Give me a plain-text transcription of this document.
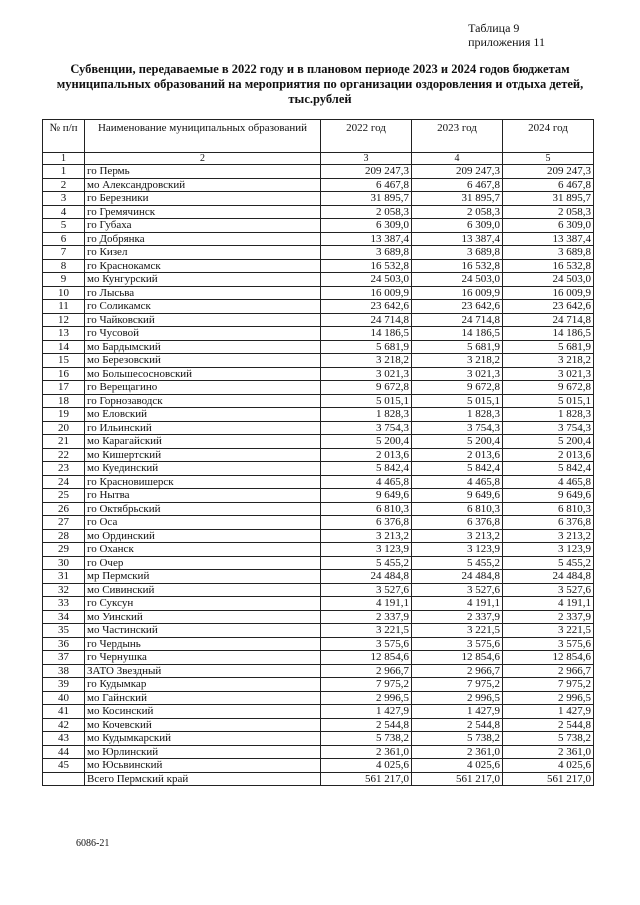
Таблица 9
приложения 11
Субвенции, передаваемые в 2022 году и в плановом периоде 2023 и 2024 годов бюджетам
муниципальных образований на мероприятия по организации оздоровления и отдыха детей,
тыс.рублей
№ п/п	Наименование муниципальных образований	2022 год	2023 год	2024 год
1	2	3	4	5
1	го Пермь	209 247,3	209 247,3	209 247,3
2	мо Александровский	6 467,8	6 467,8	6 467,8
3	го Березники	31 895,7	31 895,7	31 895,7
4	го Гремячинск	2 058,3	2 058,3	2 058,3
5	го Губаха	6 309,0	6 309,0	6 309,0
6	го Добрянка	13 387,4	13 387,4	13 387,4
7	го Кизел	3 689,8	3 689,8	3 689,8
8	го Краснокамск	16 532,8	16 532,8	16 532,8
9	мо Кунгурский	24 503,0	24 503,0	24 503,0
10	го Лысьва	16 009,9	16 009,9	16 009,9
11	го Соликамск	23 642,6	23 642,6	23 642,6
12	го Чайковский	24 714,8	24 714,8	24 714,8
13	го Чусовой	14 186,5	14 186,5	14 186,5
14	мо Бардымский	5 681,9	5 681,9	5 681,9
15	мо Березовский	3 218,2	3 218,2	3 218,2
16	мо Большесосновский	3 021,3	3 021,3	3 021,3
17	го Верещагино	9 672,8	9 672,8	9 672,8
18	го Горнозаводск	5 015,1	5 015,1	5 015,1
19	мо Еловский	1 828,3	1 828,3	1 828,3
20	го Ильинский	3 754,3	3 754,3	3 754,3
21	мо Карагайский	5 200,4	5 200,4	5 200,4
22	мо Кишертский	2 013,6	2 013,6	2 013,6
23	мо Куединский	5 842,4	5 842,4	5 842,4
24	го Красновишерск	4 465,8	4 465,8	4 465,8
25	го Нытва	9 649,6	9 649,6	9 649,6
26	го Октябрьский	6 810,3	6 810,3	6 810,3
27	го Оса	6 376,8	6 376,8	6 376,8
28	мо Ординский	3 213,2	3 213,2	3 213,2
29	го Оханск	3 123,9	3 123,9	3 123,9
30	го Очер	5 455,2	5 455,2	5 455,2
31	мр Пермский	24 484,8	24 484,8	24 484,8
32	мо Сивинский	3 527,6	3 527,6	3 527,6
33	го Суксун	4 191,1	4 191,1	4 191,1
34	мо Уинский	2 337,9	2 337,9	2 337,9
35	мо Частинский	3 221,5	3 221,5	3 221,5
36	го Чердынь	3 575,6	3 575,6	3 575,6
37	го Чернушка	12 854,6	12 854,6	12 854,6
38	ЗАТО Звездный	2 966,7	2 966,7	2 966,7
39	го Кудымкар	7 975,2	7 975,2	7 975,2
40	мо Гайнский	2 996,5	2 996,5	2 996,5
41	мо Косинский	1 427,9	1 427,9	1 427,9
42	мо Кочевский	2 544,8	2 544,8	2 544,8
43	мо Кудымкарский	5 738,2	5 738,2	5 738,2
44	мо Юрлинский	2 361,0	2 361,0	2 361,0
45	мо Юсьвинский	4 025,6	4 025,6	4 025,6
	Всего Пермский край	561 217,0	561 217,0	561 217,0
6086-21
